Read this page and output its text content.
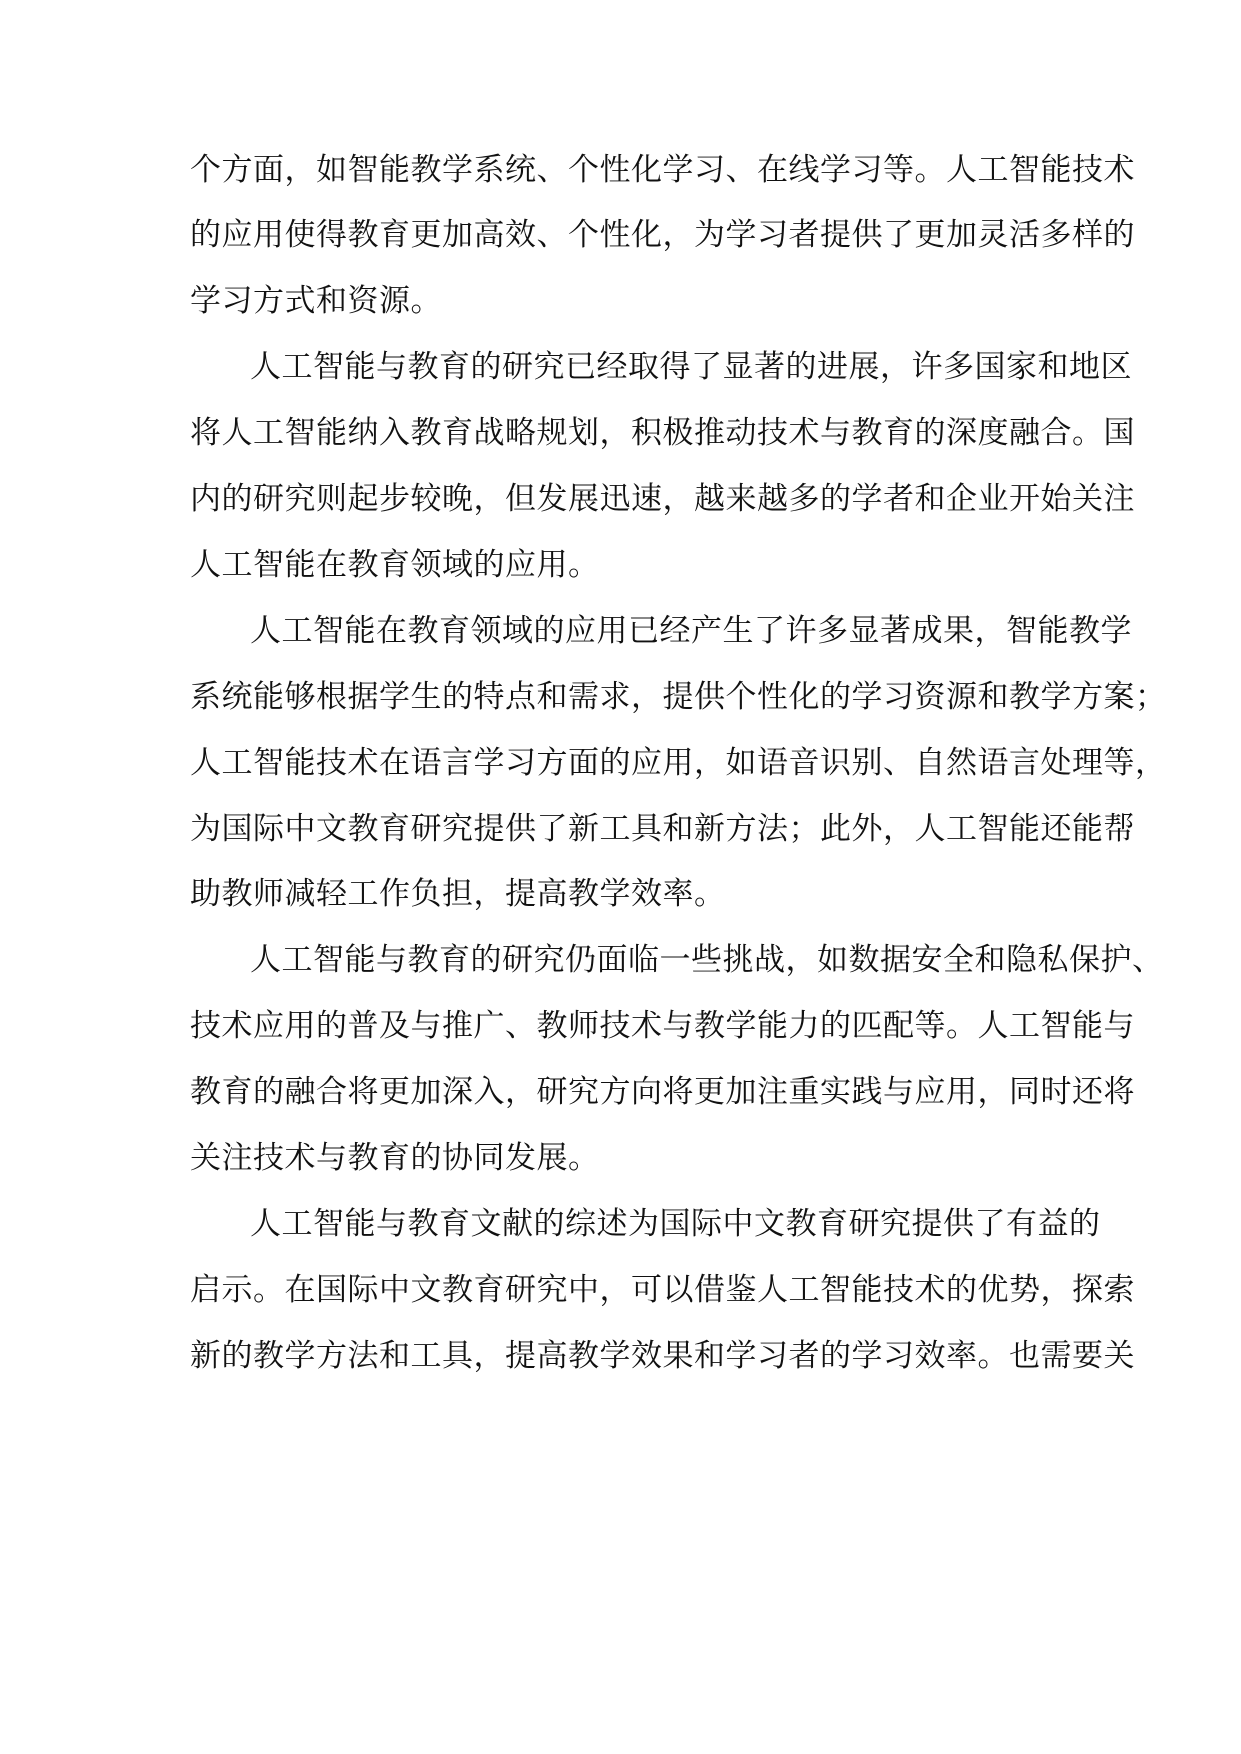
个方面，如智能教学系统、个性化学习、在线学习等。人工智能技术
的应用使得教育更加高效、个性化，为学习者提供了更加灵活多样的
学习方式和资源。
人工智能与教育的研究已经取得了显著的进展，许多国家和地区
将人工智能纳入教育战略规划，积极推动技术与教育的深度融合。国
内的研究则起步较晚，但发展迅速，越来越多的学者和企业开始关注
人工智能在教育领域的应用。
人工智能在教育领域的应用已经产生了许多显著成果，智能教学
系统能够根据学生的特点和需求，提供个性化的学习资源和教学方案；
人工智能技术在语言学习方面的应用，如语音识别、自然语言处理等，
为国际中文教育研究提供了新工具和新方法；此外，人工智能还能帮
助教师减轻工作负担，提高教学效率。
人工智能与教育的研究仍面临一些挑战，如数据安全和隐私保护、
技术应用的普及与推广、教师技术与教学能力的匹配等。人工智能与
教育的融合将更加深入，研究方向将更加注重实践与应用，同时还将
关注技术与教育的协同发展。
人工智能与教育文献的综述为国际中文教育研究提供了有益的
启示。在国际中文教育研究中，可以借鉴人工智能技术的优势，探索
新的教学方法和工具，提高教学效果和学习者的学习效率。也需要关
